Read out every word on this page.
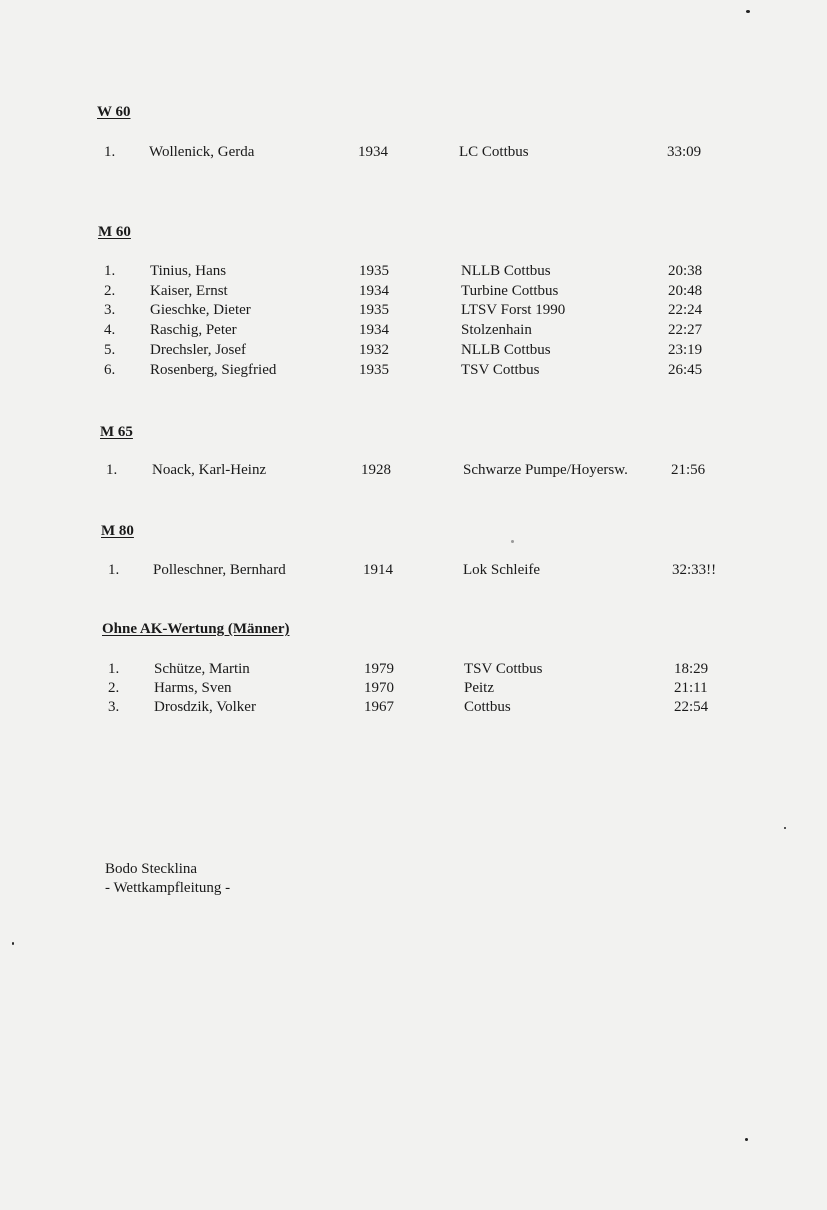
W 60
1. Wollenick, Gerda	1934	LC Cottbus	33:09
M 60
1. Tinius, Hans	1935	NLLB Cottbus	20:38
2. Kaiser, Ernst	1934	Turbine Cottbus	20:48
3. Gieschke, Dieter	1935	LTSV Forst 1990	22:24
4. Raschig, Peter	1934	Stolzenhain	22:27
5. Drechsler, Josef	1932	NLLB Cottbus	23:19
6. Rosenberg, Siegfried	1935	TSV Cottbus	26:45
M 65
1. Noack, Karl-Heinz	1928	Schwarze Pumpe/Hoyersw.	21:56
M 80
1. Polleschner, Bernhard	1914	Lok Schleife	32:33!!
Ohne AK-Wertung (Männer)
1. Schütze, Martin	1979	TSV Cottbus	18:29
2. Harms, Sven	1970	Peitz	21:11
3. Drosdzik, Volker	1967	Cottbus	22:54
Bodo Stecklina
- Wettkampfleitung -
